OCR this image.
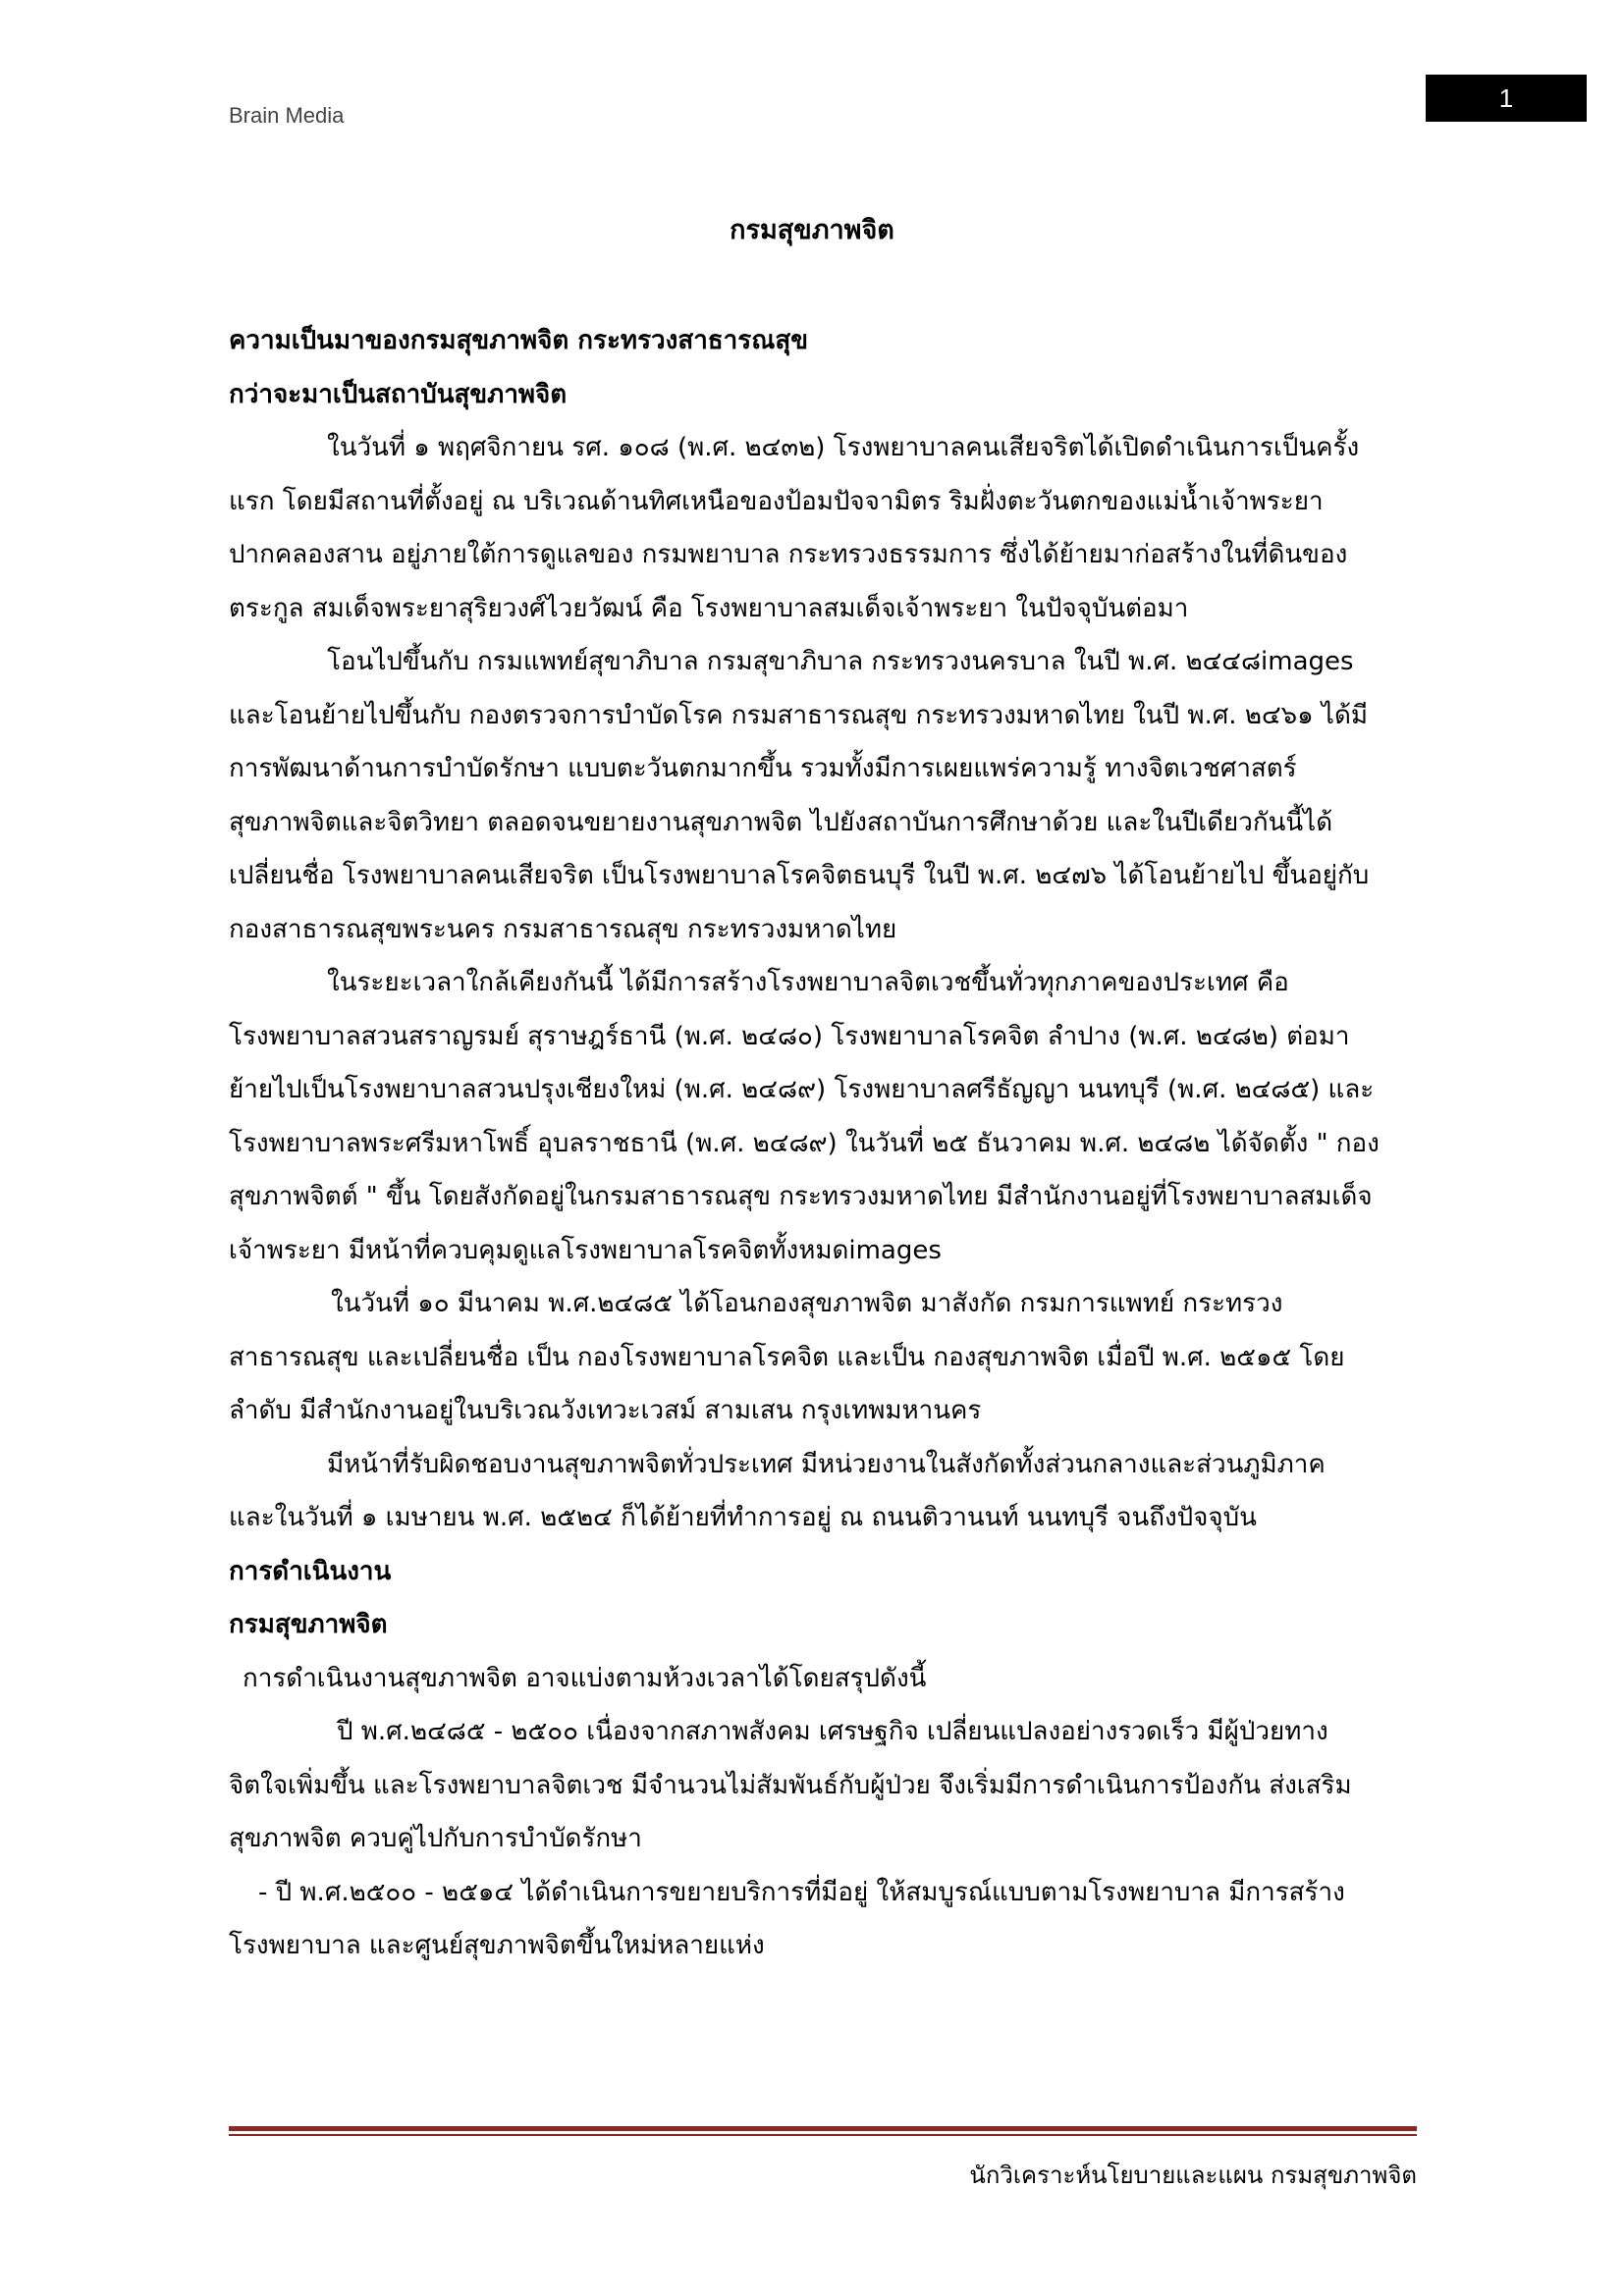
Brain Media
1
กรมสุขภาพจิต
ความเป็นมาของกรมสุขภาพจิต กระทรวงสาธารณสุข
กว่าจะมาเป็นสถาบันสุขภาพจิต
ในวันที่ ๑ พฤศจิกายน รศ. ๑๐๘ (พ.ศ. ๒๔๓๒) โรงพยาบาลคนเสียจริตได้เปิดดำเนินการเป็นครั้ง
แรก โดยมีสถานที่ตั้งอยู่ ณ บริเวณด้านทิศเหนือของป้อมปัจจามิตร ริมฝั่งตะวันตกของแม่น้ำเจ้าพระยา
ปากคลองสาน อยู่ภายใต้การดูแลของ กรมพยาบาล กระทรวงธรรมการ ซึ่งได้ย้ายมาก่อสร้างในที่ดินของ
ตระกูล สมเด็จพระยาสุริยวงศ์ไวยวัฒน์ คือ โรงพยาบาลสมเด็จเจ้าพระยา ในปัจจุบันต่อมา
โอนไปขึ้นกับ กรมแพทย์สุขาภิบาล กรมสุขาภิบาล กระทรวงนครบาล ในปี พ.ศ. ๒๔๔๘images
และโอนย้ายไปขึ้นกับ กองตรวจการบำบัดโรค กรมสาธารณสุข กระทรวงมหาดไทย ในปี พ.ศ. ๒๔๖๑ ได้มี
การพัฒนาด้านการบำบัดรักษา แบบตะวันตกมากขึ้น รวมทั้งมีการเผยแพร่ความรู้ ทางจิตเวชศาสตร์
สุขภาพจิตและจิตวิทยา ตลอดจนขยายงานสุขภาพจิต ไปยังสถาบันการศึกษาด้วย และในปีเดียวกันนี้ได้
เปลี่ยนชื่อ โรงพยาบาลคนเสียจริต เป็นโรงพยาบาลโรคจิตธนบุรี ในปี พ.ศ. ๒๔๗๖ ได้โอนย้ายไป ขึ้นอยู่กับ
กองสาธารณสุขพระนคร กรมสาธารณสุข กระทรวงมหาดไทย
ในระยะเวลาใกล้เคียงกันนี้ ได้มีการสร้างโรงพยาบาลจิตเวชขึ้นทั่วทุกภาคของประเทศ คือ
โรงพยาบาลสวนสราญรมย์ สุราษฎร์ธานี (พ.ศ. ๒๔๘๐) โรงพยาบาลโรคจิต ลำปาง (พ.ศ. ๒๔๘๒) ต่อมา
ย้ายไปเป็นโรงพยาบาลสวนปรุงเชียงใหม่ (พ.ศ. ๒๔๘๙) โรงพยาบาลศรีธัญญา นนทบุรี (พ.ศ. ๒๔๘๕) และ
โรงพยาบาลพระศรีมหาโพธิ์ อุบลราชธานี (พ.ศ. ๒๔๘๙) ในวันที่ ๒๕ ธันวาคม พ.ศ. ๒๔๘๒ ได้จัดตั้ง " กอง
สุขภาพจิตต์ " ขึ้น โดยสังกัดอยู่ในกรมสาธารณสุข กระทรวงมหาดไทย มีสำนักงานอยู่ที่โรงพยาบาลสมเด็จ
เจ้าพระยา มีหน้าที่ควบคุมดูแลโรงพยาบาลโรคจิตทั้งหมดimages
ในวันที่ ๑๐ มีนาคม พ.ศ.๒๔๘๕ ได้โอนกองสุขภาพจิต มาสังกัด กรมการแพทย์ กระทรวง
สาธารณสุข และเปลี่ยนชื่อ เป็น กองโรงพยาบาลโรคจิต และเป็น กองสุขภาพจิต เมื่อปี พ.ศ. ๒๕๑๕ โดย
ลำดับ มีสำนักงานอยู่ในบริเวณวังเทวะเวสม์ สามเสน กรุงเทพมหานคร
มีหน้าที่รับผิดชอบงานสุขภาพจิตทั่วประเทศ มีหน่วยงานในสังกัดทั้งส่วนกลางและส่วนภูมิภาค
และในวันที่ ๑ เมษายน พ.ศ. ๒๕๒๔ ก็ได้ย้ายที่ทำการอยู่ ณ ถนนติวานนท์ นนทบุรี จนถึงปัจจุบัน
การดำเนินงาน
กรมสุขภาพจิต
การดำเนินงานสุขภาพจิต อาจแบ่งตามห้วงเวลาได้โดยสรุปดังนี้
ปี พ.ศ.๒๔๘๕ - ๒๕๐๐ เนื่องจากสภาพสังคม เศรษฐกิจ เปลี่ยนแปลงอย่างรวดเร็ว มีผู้ป่วยทาง
จิตใจเพิ่มขึ้น และโรงพยาบาลจิตเวช มีจำนวนไม่สัมพันธ์กับผู้ป่วย จึงเริ่มมีการดำเนินการป้องกัน ส่งเสริม
สุขภาพจิต ควบคู่ไปกับการบำบัดรักษา
- ปี พ.ศ.๒๕๐๐ - ๒๕๑๔ ได้ดำเนินการขยายบริการที่มีอยู่ ให้สมบูรณ์แบบตามโรงพยาบาล มีการสร้าง
โรงพยาบาล และศูนย์สุขภาพจิตขึ้นใหม่หลายแห่ง
นักวิเคราะห์นโยบายและแผน กรมสุขภาพจิต
